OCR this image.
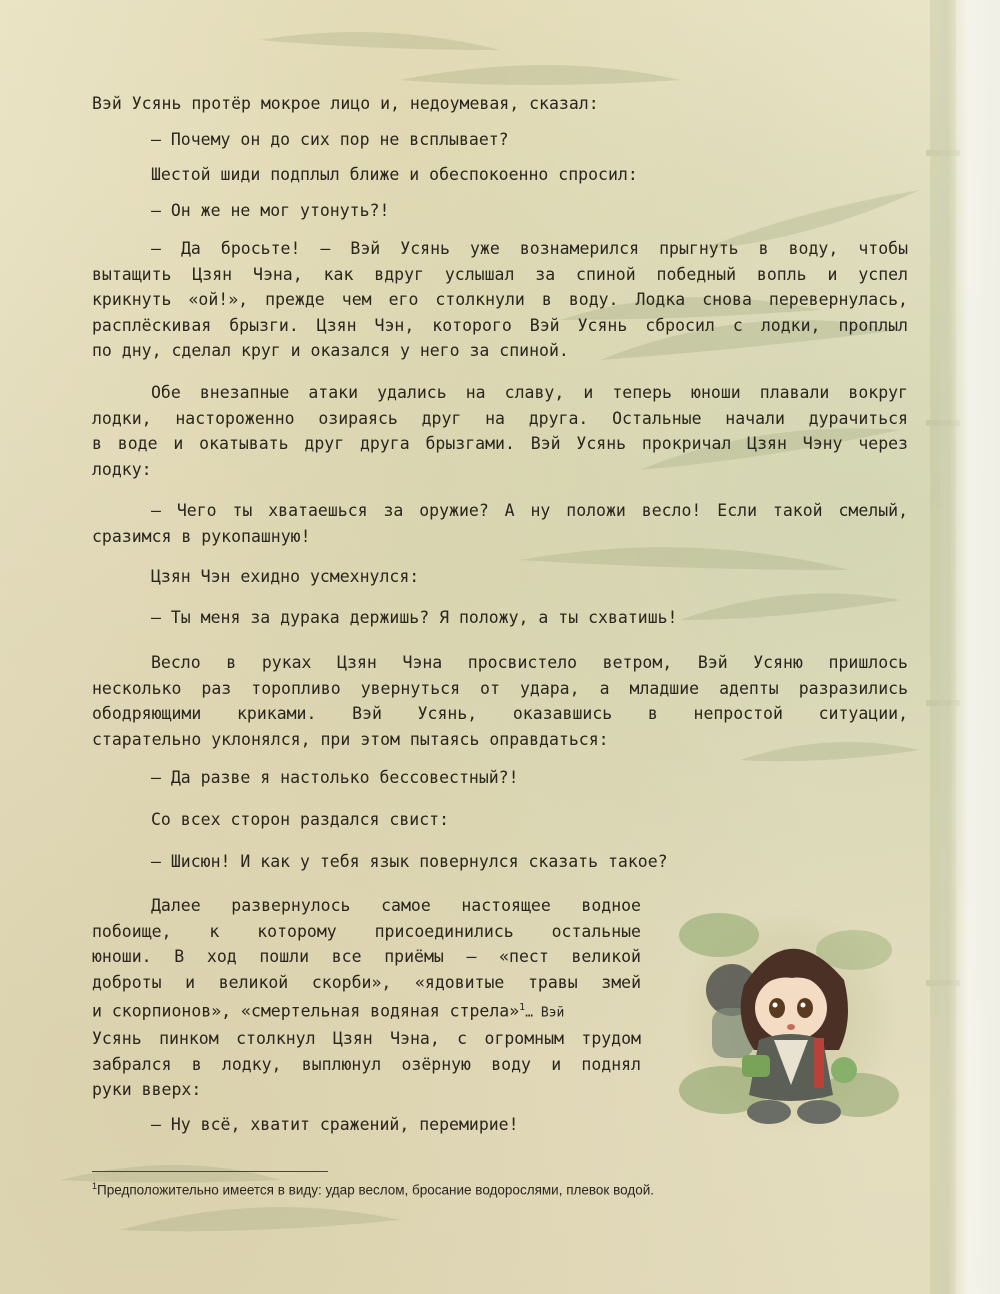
Вэй Усянь протёр мокрое лицо и, недоумевая, сказал:
— Почему он до сих пор не всплывает?
Шестой шиди подплыл ближе и обеспокоенно спросил:
— Он же не мог утонуть?!
— Да бросьте! — Вэй Усянь уже вознамерился прыгнуть в воду, чтобы
вытащить Цзян Чэна, как вдруг услышал за спиной победный вопль и успел
крикнуть «ой!», прежде чем его столкнули в воду. Лодка снова перевернулась,
расплёскивая брызги. Цзян Чэн, которого Вэй Усянь сбросил с лодки, проплыл
по дну, сделал круг и оказался у него за спиной.
Обе внезапные атаки удались на славу, и теперь юноши плавали вокруг
лодки, настороженно озираясь друг на друга. Остальные начали дурачиться
в воде и окатывать друг друга брызгами. Вэй Усянь прокричал Цзян Чэну через
лодку:
— Чего ты хватаешься за оружие? А ну положи весло! Если такой смелый,
сразимся в рукопашную!
Цзян Чэн ехидно усмехнулся:
— Ты меня за дурака держишь? Я положу, а ты схватишь!
Весло в руках Цзян Чэна просвистело ветром, Вэй Усяню пришлось
несколько раз торопливо увернуться от удара, а младшие адепты разразились
ободряющими криками. Вэй Усянь, оказавшись в непростой ситуации,
старательно уклонялся, при этом пытаясь оправдаться:
— Да разве я настолько бессовестный?!
Со всех сторон раздался свист:
— Шисюн! И как у тебя язык повернулся сказать такое?
Далее развернулось самое настоящее водное
побоище, к которому присоединились остальные
юноши. В ход пошли все приёмы — «пест великой
доброты и великой скорби», «ядовитые травы змей
и скорпионов», «смертельная водяная стрела»$^1$… Вэй
Усянь пинком столкнул Цзян Чэна, с огромным трудом
забрался в лодку, выплюнул озёрную воду и поднял
руки вверх:
— Ну всё, хватит сражений, перемирие!
$^1$Предположительно имеется в виду: удар веслом, бросание водорослями, плевок водой.
